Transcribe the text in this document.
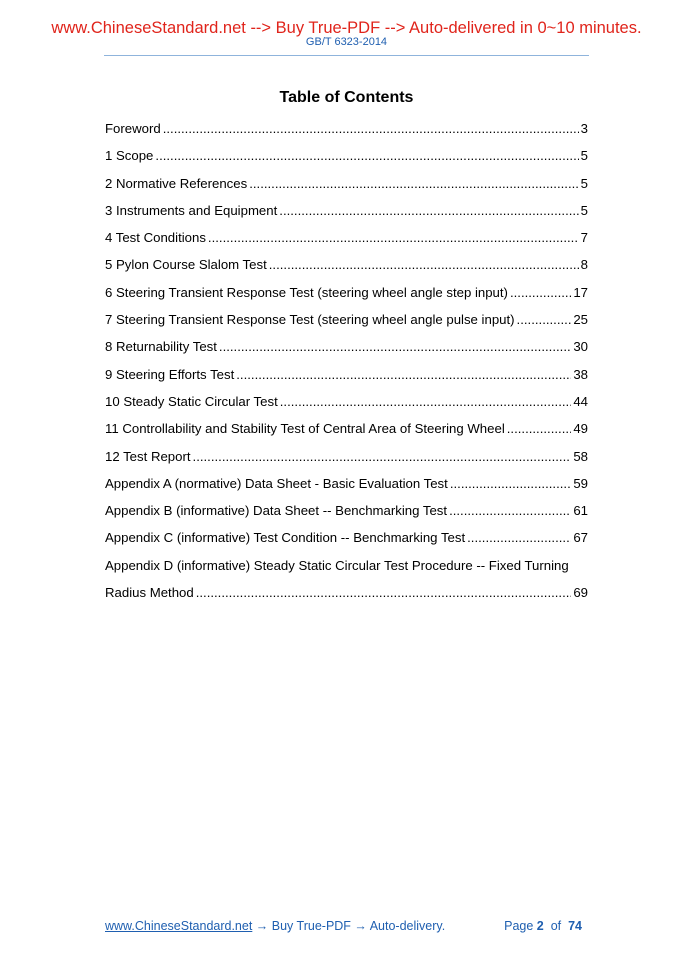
www.ChineseStandard.net --> Buy True-PDF --> Auto-delivered in 0~10 minutes.
GB/T 6323-2014
Table of Contents
Foreword .....	3
1 Scope .....	5
2 Normative References .....	5
3 Instruments and Equipment .....	5
4 Test Conditions .....	7
5 Pylon Course Slalom Test .....	8
6 Steering Transient Response Test (steering wheel angle step input) .....	17
7 Steering Transient Response Test (steering wheel angle pulse input) .....	25
8 Returnability Test .....	30
9 Steering Efforts Test .....	38
10 Steady Static Circular Test .....	44
11 Controllability and Stability Test of Central Area of Steering Wheel .....	49
12 Test Report .....	58
Appendix A (normative) Data Sheet - Basic Evaluation Test .....	59
Appendix B (informative) Data Sheet -- Benchmarking Test .....	61
Appendix C (informative) Test Condition -- Benchmarking Test .....	67
Appendix D (informative) Steady Static Circular Test Procedure -- Fixed Turning
Radius Method .....	69
www.ChineseStandard.net → Buy True-PDF → Auto-delivery.	Page 2 of 74
